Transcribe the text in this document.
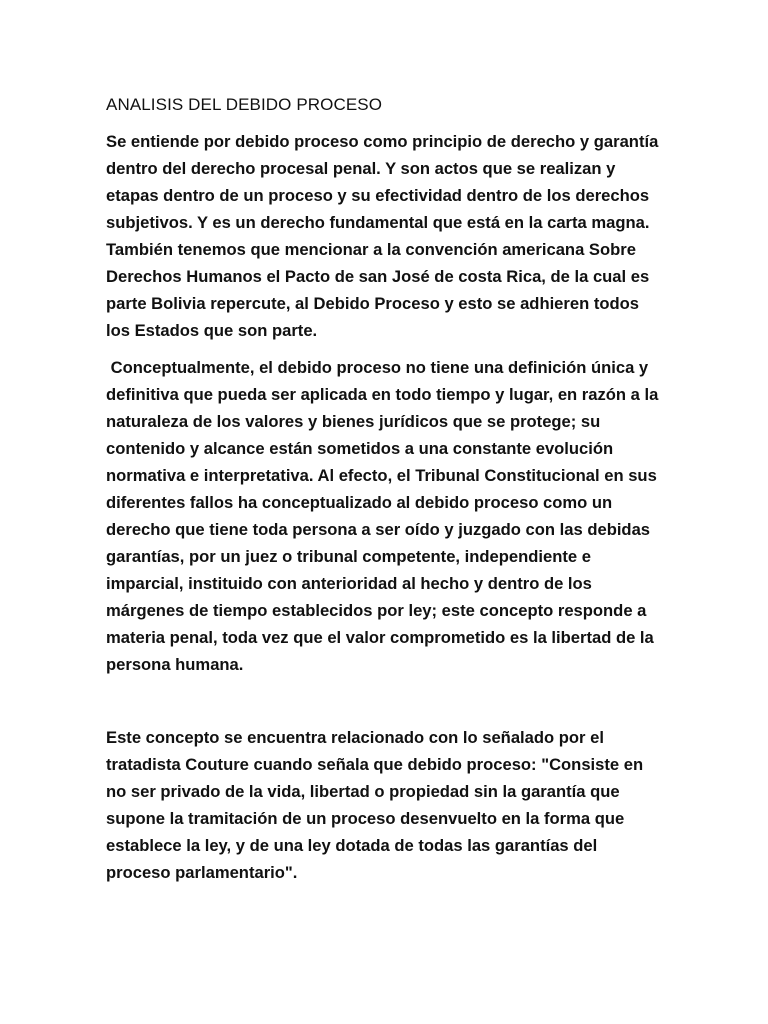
ANALISIS DEL DEBIDO PROCESO

Se entiende por debido proceso como principio de derecho y garantía dentro del derecho procesal penal. Y son actos que se realizan y etapas dentro de un proceso y su efectividad dentro de los derechos subjetivos. Y es un derecho fundamental que está en la carta magna. También tenemos que mencionar a la convención americana Sobre Derechos Humanos el Pacto de san José de costa Rica, de la cual es parte Bolivia repercute, al Debido Proceso y esto se adhieren todos los Estados que son parte.

Conceptualmente, el debido proceso no tiene una definición única y definitiva que pueda ser aplicada en todo tiempo y lugar, en razón a la naturaleza de los valores y bienes jurídicos que se protege; su contenido y alcance están sometidos a una constante evolución normativa e interpretativa. Al efecto, el Tribunal Constitucional en sus diferentes fallos ha conceptualizado al debido proceso como un derecho que tiene toda persona a ser oído y juzgado con las debidas garantías, por un juez o tribunal competente, independiente e imparcial, instituido con anterioridad al hecho y dentro de los márgenes de tiempo establecidos por ley; este concepto responde a materia penal, toda vez que el valor comprometido es la libertad de la persona humana.

Este concepto se encuentra relacionado con lo señalado por el tratadista Couture cuando señala que debido proceso: "Consiste en no ser privado de la vida, libertad o propiedad sin la garantía que supone la tramitación de un proceso desenvuelto en la forma que establece la ley, y de una ley dotada de todas las garantías del proceso parlamentario".
